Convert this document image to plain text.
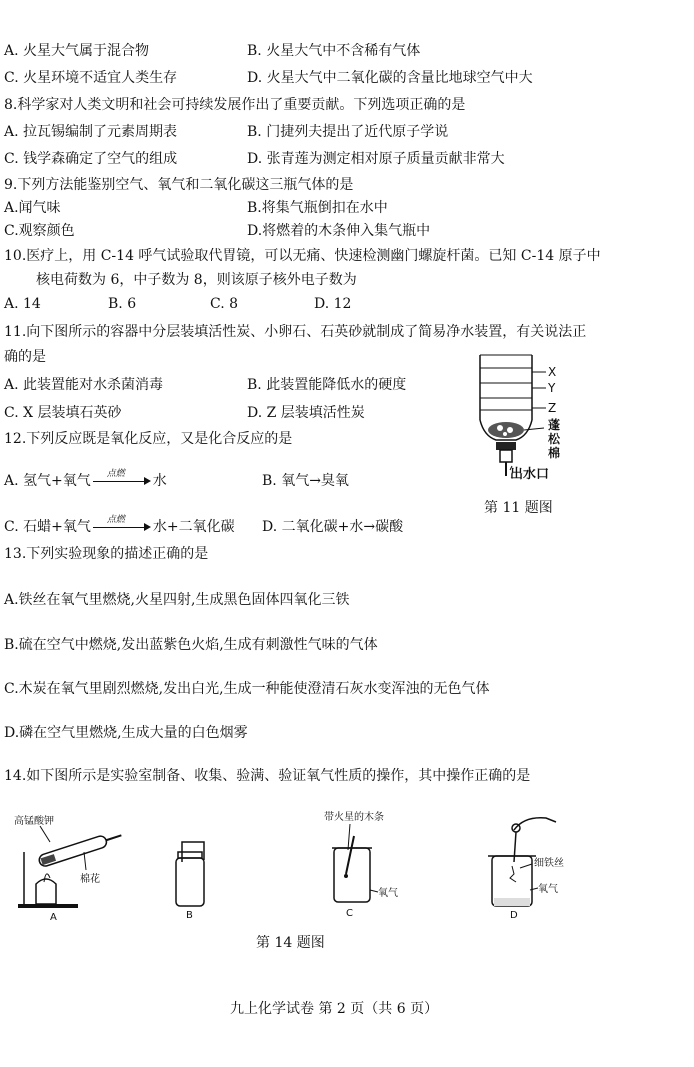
A. 火星大气属于混合物	B. 火星大气中不含稀有气体
C. 火星环境不适宜人类生存	D. 火星大气中二氧化碳的含量比地球空气中大
8.科学家对人类文明和社会可持续发展作出了重要贡献。下列选项正确的是
A. 拉瓦锡编制了元素周期表	B. 门捷列夫提出了近代原子学说
C. 钱学森确定了空气的组成	D. 张青莲为测定相对原子质量贡献非常大
9.下列方法能鉴别空气、氧气和二氧化碳这三瓶气体的是
A.闻气味	B.将集气瓶倒扣在水中
C.观察颜色	D.将燃着的木条伸入集气瓶中
10.医疗上，用 C-14 呼气试验取代胃镜，可以无痛、快速检测幽门螺旋杆菌。已知 C-14 原子中
核电荷数为 6，中子数为 8，则该原子核外电子数为
A. 14	B. 6	C. 8	D. 12
11.向下图所示的容器中分层装填活性炭、小卵石、石英砂就制成了简易净水装置，有关说法正
确的是
A. 此装置能对水杀菌消毒	B. 此装置能降低水的硬度
C. X 层装填石英砂	D. Z 层装填活性炭
X
Y
Z
蓬松棉
出水口
第 11 题图
12.下列反应既是氧化反应，又是化合反应的是
A. 氢气+氧气 点燃 水	B. 氧气→臭氧
C. 石蜡+氧气 点燃 水+二氧化碳 D. 二氧化碳+水→碳酸
13.下列实验现象的描述正确的是
A.铁丝在氧气里燃烧,火星四射,生成黑色固体四氧化三铁
B.硫在空气中燃烧,发出蓝紫色火焰,生成有刺激性气味的气体
C.木炭在氧气里剧烈燃烧,发出白光,生成一种能使澄清石灰水变浑浊的无色气体
D.磷在空气里燃烧,生成大量的白色烟雾
14.如下图所示是实验室制备、收集、验满、验证氧气性质的操作，其中操作正确的是
高锰酸钾
棉花
A	B
带火星的木条
氧气
C
细铁丝
氧气
D
第 14 题图
九上化学试卷 第 2 页（共 6 页）
